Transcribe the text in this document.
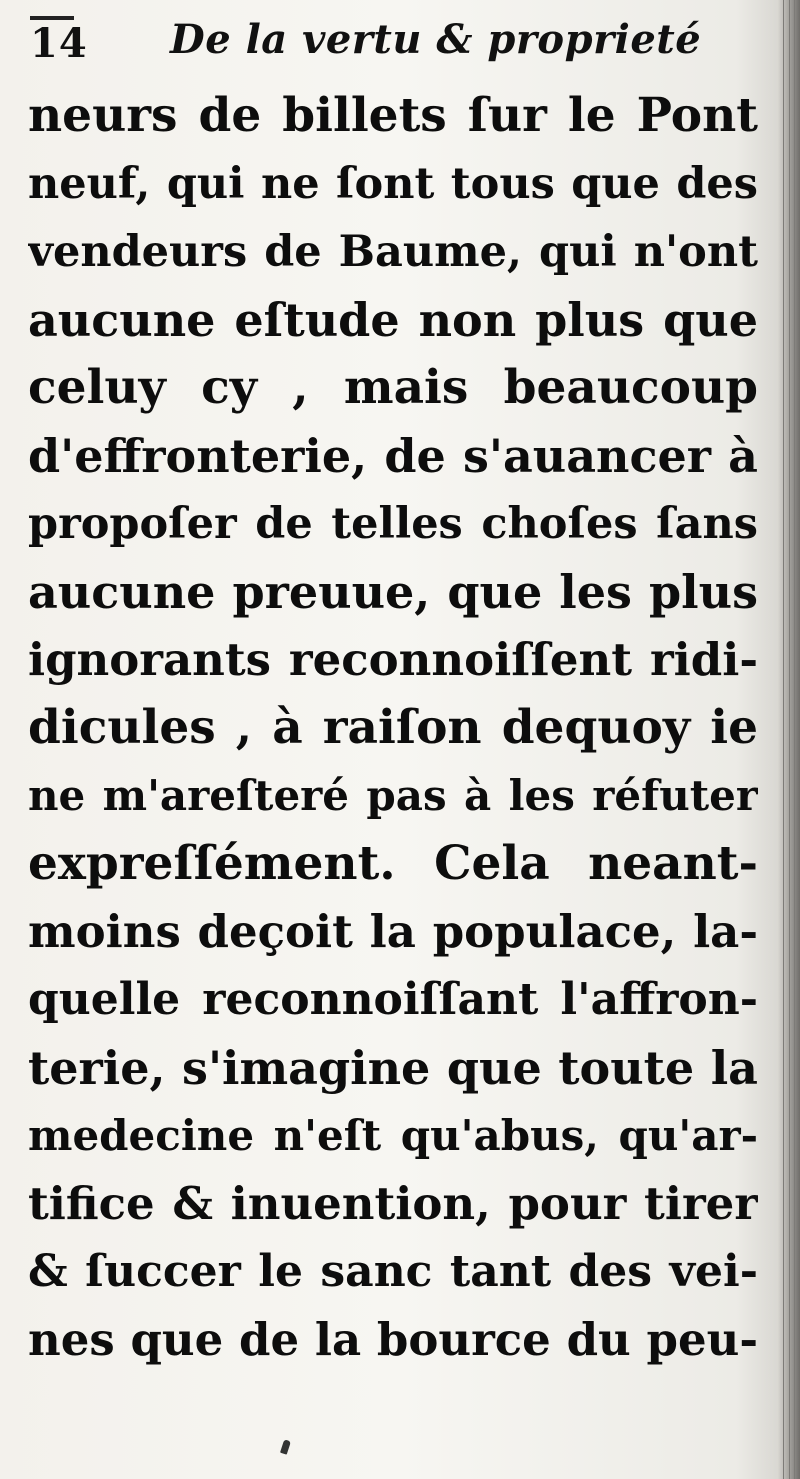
14 De la vertu & proprieté
neurs de billets ſur le Pont
neuf, qui ne ſont tous que des
vendeurs de Baume, qui n'ont
aucune eſtude non plus que
celuy cy , mais beaucoup
d'effronterie, de s'auancer à
propoſer de telles choſes ſans
aucune preuue, que les plus
ignorants reconnoiſſent ridi-
dicules , à raiſon dequoy ie
ne m'areſteré pas à les réfuter
expreſſément. Cela neant-
moins deçoit la populace, la-
quelle reconnoiſſant l'affron-
terie, s'imagine que toute la
medecine n'eſt qu'abus, qu'ar-
tifice & inuention, pour tirer
& ſuccer le sanc tant des vei-
nes que de la bource du peu-
